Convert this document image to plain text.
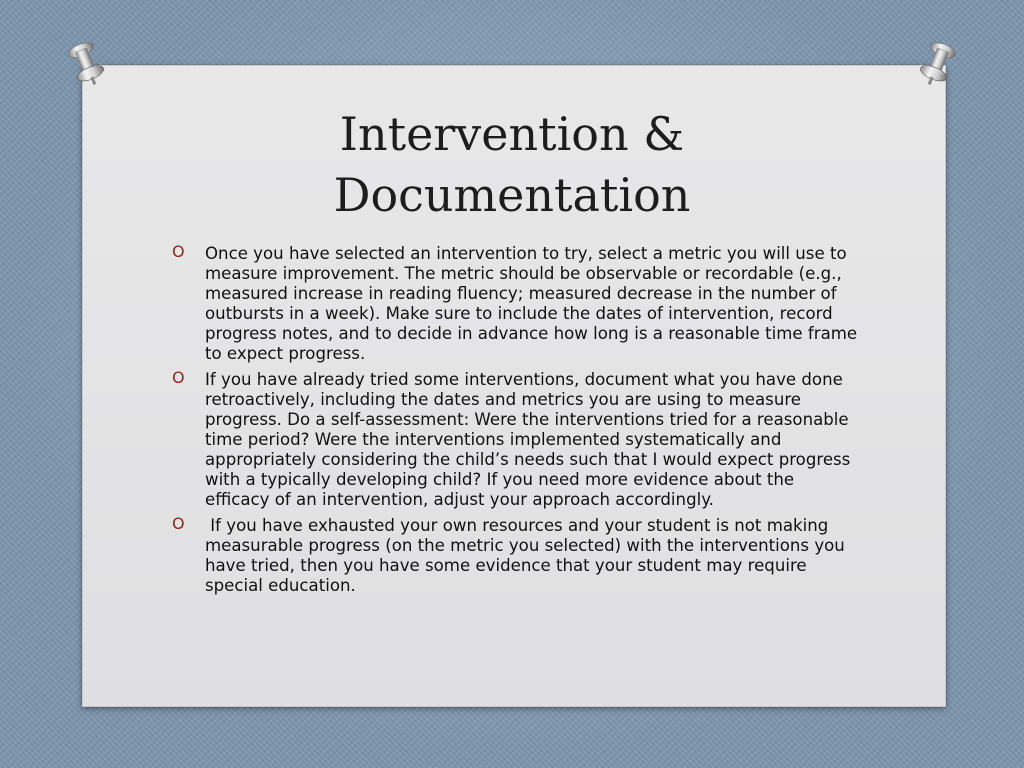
Intervention &
Documentation
O Once you have selected an intervention to try, select a metric you will use to measure improvement. The metric should be observable or recordable (e.g., measured increase in reading fluency; measured decrease in the number of outbursts in a week). Make sure to include the dates of intervention, record progress notes, and to decide in advance how long is a reasonable time frame to expect progress.
O If you have already tried some interventions, document what you have done retroactively, including the dates and metrics you are using to measure progress. Do a self-assessment: Were the interventions tried for a reasonable time period? Were the interventions implemented systematically and appropriately considering the child’s needs such that I would expect progress with a typically developing child? If you need more evidence about the efficacy of an intervention, adjust your approach accordingly.
O If you have exhausted your own resources and your student is not making measurable progress (on the metric you selected) with the interventions you have tried, then you have some evidence that your student may require special education.
